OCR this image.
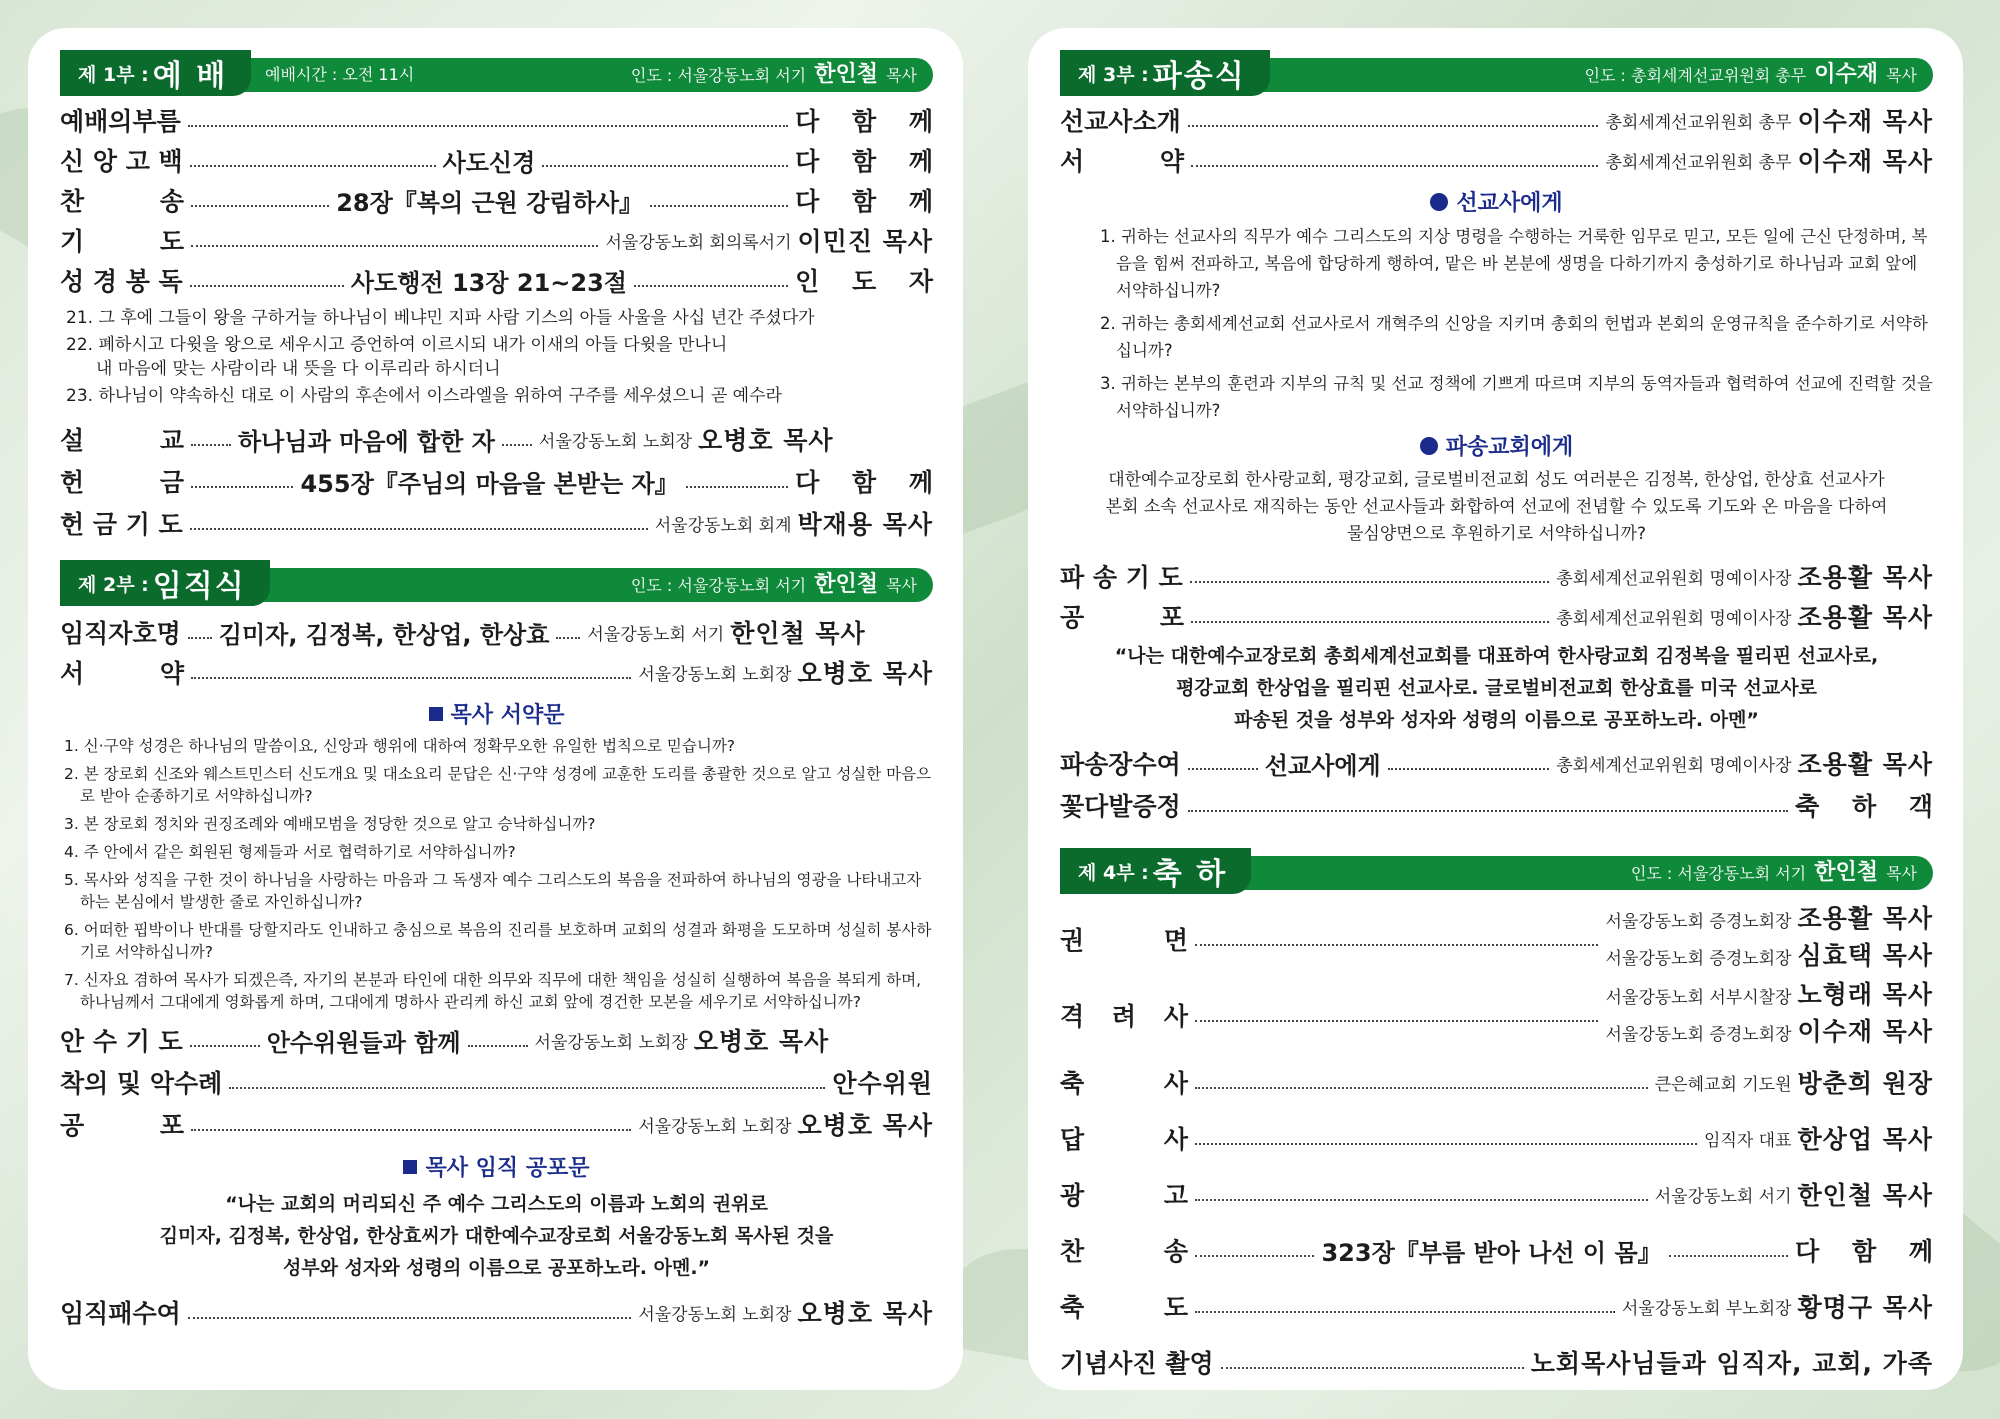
제 1부 : 예 배 예배시간 : 오전 11시	인도 : 서울강동노회 서기 한인철 목사
예배의부름	다 함 께
신 앙 고 백	사도신경	다 함 께
찬	송	28장『복의 근원 강림하사』	다 함 께
기	도	서울강동노회 회의록서기 이민진 목사
성 경 봉 독	사도행전 13장 21~23절	인 도 자

21. 그 후에 그들이 왕을 구하거늘 하나님이 베냐민 지파 사람 기스의 아들 사울을 사십 년간 주셨다가

22. 폐하시고 다윗을 왕으로 세우시고 증언하여 이르시되 내가 이새의 아들 다윗을 만나니

내 마음에 맞는 사람이라 내 뜻을 다 이루리라 하시더니

23. 하나님이 약속하신 대로 이 사람의 후손에서 이스라엘을 위하여 구주를 세우셨으니 곧 예수라

설	교 하나님과 마음에 합한 자	서울강동노회 노회장 오병호 목사
헌	금	455장『주님의 마음을 본받는 자』	다 함 께
헌 금 기 도	서울강동노회 회계 박재용 목사
제 2부 : 임직식	인도 : 서울강동노회 서기 한인철 목사
임직자호명 김미자, 김정복, 한상업, 한상효 서울강동노회 서기 한인철 목사
서	약	서울강동노회 노회장 오병호 목사
목사 서약문

1. 신·구약 성경은 하나님의 말씀이요, 신앙과 행위에 대하여 정확무오한 유일한 법칙으로 믿습니까?

2. 본 장로회 신조와 웨스트민스터 신도개요 및 대소요리 문답은 신·구약 성경에 교훈한 도리를 총괄한 것으로 알고 성실한 마음으로 받아 순종하기로 서약하십니까?

3. 본 장로회 정치와 권징조례와 예배모범을 정당한 것으로 알고 승낙하십니까?

4. 주 안에서 같은 회원된 형제들과 서로 협력하기로 서약하십니까?

5. 목사와 성직을 구한 것이 하나님을 사랑하는 마음과 그 독생자 예수 그리스도의 복음을 전파하여 하나님의 영광을 나타내고자 하는 본심에서 발생한 줄로 자인하십니까?

6. 어떠한 핍박이나 반대를 당할지라도 인내하고 충심으로 복음의 진리를 보호하며 교회의 성결과 화평을 도모하며 성실히 봉사하기로 서약하십니까?

7. 신자요 겸하여 목사가 되겠은즉, 자기의 본분과 타인에 대한 의무와 직무에 대한 책임을 성실히 실행하여 복음을 복되게 하며, 하나님께서 그대에게 영화롭게 하며, 그대에게 명하사 관리케 하신 교회 앞에 경건한 모본을 세우기로 서약하십니까?

안 수 기 도	안수위원들과 함께	서울강동노회 노회장 오병호 목사
착의 및 악수례	안수위원
공	포	서울강동노회 노회장 오병호 목사
목사 임직 공포문
“나는 교회의 머리되신 주 예수 그리스도의 이름과 노회의 권위로
김미자, 김정복, 한상업, 한상효씨가 대한예수교장로회 서울강동노회 목사된 것을
성부와 성자와 성령의 이름으로 공포하노라. 아멘.”
임직패수여	서울강동노회 노회장 오병호 목사
제 3부 : 파송식	인도 : 총회세계선교위원회 총무 이수재 목사
선교사소개	총회세계선교위원회 총무 이수재 목사
서	약	총회세계선교위원회 총무 이수재 목사
선교사에게

1. 귀하는 선교사의 직무가 예수 그리스도의 지상 명령을 수행하는 거룩한 임무로 믿고, 모든 일에 근신 단정하며, 복음을 힘써 전파하고, 복음에 합당하게 행하여, 맡은 바 본분에 생명을 다하기까지 충성하기로 하나님과 교회 앞에 서약하십니까?

2. 귀하는 총회세계선교회 선교사로서 개혁주의 신앙을 지키며 총회의 헌법과 본회의 운영규칙을 준수하기로 서약하십니까?

3. 귀하는 본부의 훈련과 지부의 규칙 및 선교 정책에 기쁘게 따르며 지부의 동역자들과 협력하여 선교에 진력할 것을 서약하십니까?

파송교회에게
대한예수교장로회 한사랑교회, 평강교회, 글로벌비전교회 성도 여러분은 김정복, 한상업, 한상효 선교사가
본회 소속 선교사로 재직하는 동안 선교사들과 화합하여 선교에 전념할 수 있도록 기도와 온 마음을 다하여
물심양면으로 후원하기로 서약하십니까?
파 송 기 도	총회세계선교위원회 명예이사장 조용활 목사
공	포	총회세계선교위원회 명예이사장 조용활 목사
“나는 대한예수교장로회 총회세계선교회를 대표하여 한사랑교회 김정복을 필리핀 선교사로,
평강교회 한상업을 필리핀 선교사로. 글로벌비전교회 한상효를 미국 선교사로
파송된 것을 성부와 성자와 성령의 이름으로 공포하노라. 아멘”
파송장수여	선교사에게	총회세계선교위원회 명예이사장 조용활 목사
꽃다발증정	축 하 객
제 4부 : 축 하	인도 : 서울강동노회 서기 한인철 목사
권	면
서울강동노회 증경노회장 조용활 목사
서울강동노회 증경노회장 심효택 목사
격 려 사
서울강동노회 서부시찰장 노형래 목사
서울강동노회 증경노회장 이수재 목사
축	사	큰은혜교회 기도원 방춘희 원장
답	사	임직자 대표 한상업 목사
광	고	서울강동노회 서기 한인철 목사
찬	송	323장『부름 받아 나선 이 몸』	다 함 께
축	도	서울강동노회 부노회장 황명구 목사
기념사진 촬영	노회목사님들과 임직자, 교회, 가족
